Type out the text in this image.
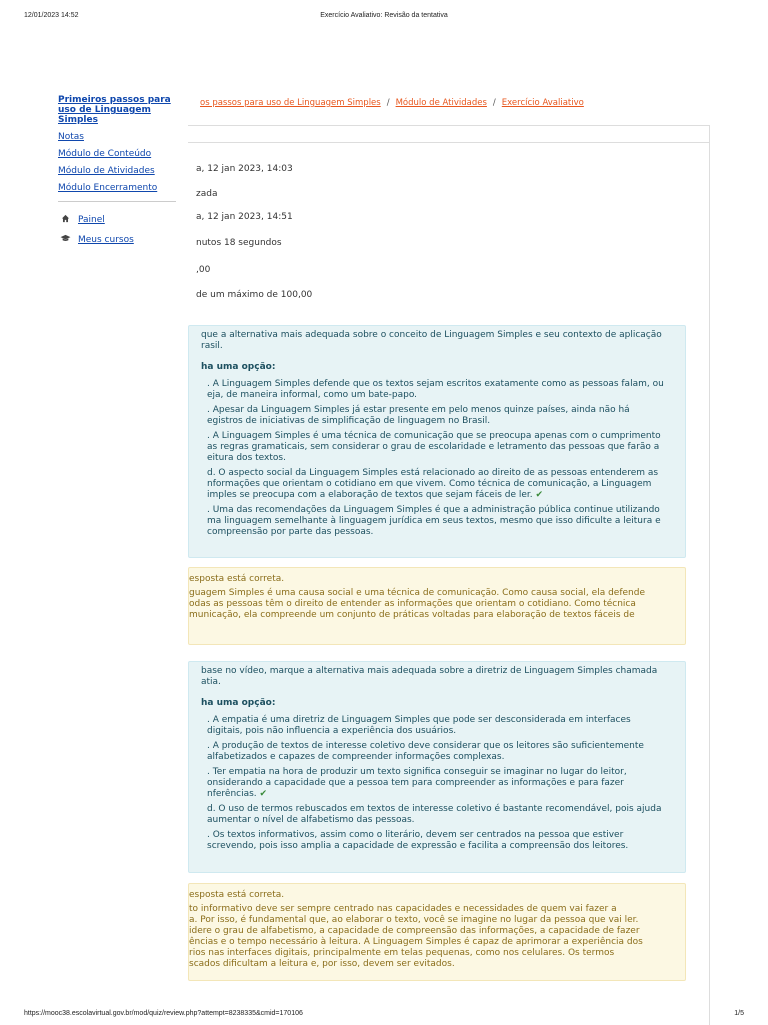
12/01/2023 14:52	Exercício Avaliativo: Revisão da tentativa
Primeiros passos para uso de Linguagem Simples
Notas
Módulo de Conteúdo
Módulo de Atividades
Módulo Encerramento
Painel
Meus cursos
os passos para uso de Linguagem Simples / Módulo de Atividades / Exercício Avaliativo
a, 12 jan 2023, 14:03
zada
a, 12 jan 2023, 14:51
nutos 18 segundos
,00
de um máximo de 100,00
que a alternativa mais adequada sobre o conceito de Linguagem Simples e seu contexto de aplicação
rasil.
ha uma opção:
. A Linguagem Simples defende que os textos sejam escritos exatamente como as pessoas falam, ou
eja, de maneira informal, como um bate-papo.
. Apesar da Linguagem Simples já estar presente em pelo menos quinze países, ainda não há
egistros de iniciativas de simplificação de linguagem no Brasil.
. A Linguagem Simples é uma técnica de comunicação que se preocupa apenas com o cumprimento
as regras gramaticais, sem considerar o grau de escolaridade e letramento das pessoas que farão a
eitura dos textos.
d. O aspecto social da Linguagem Simples está relacionado ao direito de as pessoas entenderem as
nformações que orientam o cotidiano em que vivem. Como técnica de comunicação, a Linguagem
imples se preocupa com a elaboração de textos que sejam fáceis de ler. ✔
. Uma das recomendações da Linguagem Simples é que a administração pública continue utilizando
ma linguagem semelhante à linguagem jurídica em seus textos, mesmo que isso dificulte a leitura e
compreensão por parte das pessoas.
esposta está correta.
guagem Simples é uma causa social e uma técnica de comunicação. Como causa social, ela defende
odas as pessoas têm o direito de entender as informações que orientam o cotidiano. Como técnica
municação, ela compreende um conjunto de práticas voltadas para elaboração de textos fáceis de
base no vídeo, marque a alternativa mais adequada sobre a diretriz de Linguagem Simples chamada
atia.
ha uma opção:
. A empatia é uma diretriz de Linguagem Simples que pode ser desconsiderada em interfaces
digitais, pois não influencia a experiência dos usuários.
. A produção de textos de interesse coletivo deve considerar que os leitores são suficientemente
alfabetizados e capazes de compreender informações complexas.
. Ter empatia na hora de produzir um texto significa conseguir se imaginar no lugar do leitor,
onsiderando a capacidade que a pessoa tem para compreender as informações e para fazer
nferências. ✔
d. O uso de termos rebuscados em textos de interesse coletivo é bastante recomendável, pois ajuda
aumentar o nível de alfabetismo das pessoas.
. Os textos informativos, assim como o literário, devem ser centrados na pessoa que estiver
screvendo, pois isso amplia a capacidade de expressão e facilita a compreensão dos leitores.
esposta está correta.
to informativo deve ser sempre centrado nas capacidades e necessidades de quem vai fazer a
a. Por isso, é fundamental que, ao elaborar o texto, você se imagine no lugar da pessoa que vai ler.
idere o grau de alfabetismo, a capacidade de compreensão das informações, a capacidade de fazer
ências e o tempo necessário à leitura. A Linguagem Simples é capaz de aprimorar a experiência dos
rios nas interfaces digitais, principalmente em telas pequenas, como nos celulares. Os termos
scados dificultam a leitura e, por isso, devem ser evitados.
https://mooc38.escolavirtual.gov.br/mod/quiz/review.php?attempt=8238335&cmid=170106	1/5
